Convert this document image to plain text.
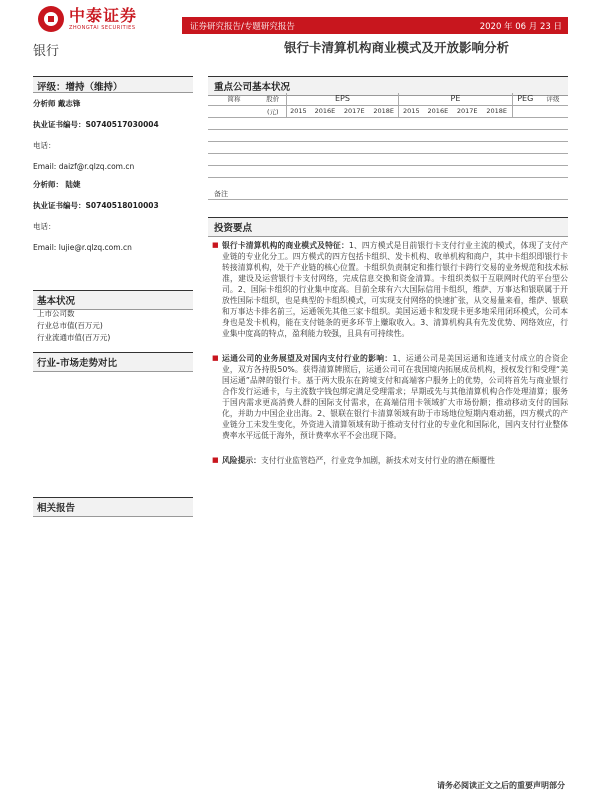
中泰证券
ZHONGTAI SECURITIES	证券研究报告/专题研究报告	2020 年 06 月 23 日
银行	银行卡清算机构商业模式及开放影响分析
评级：增持（维持）
分析师 戴志锋
执业证书编号：S0740517030004
电话：
Email: daizf@r.qlzq.com.cn
分析师： 陆婕
执业证书编号：S0740518010003
电话：
Email: lujie@r.qlzq.com.cn
基本状况
上市公司数
行业总市值(百万元)
行业流通市值(百万元)
行业-市场走势对比
相关报告
重点公司基本状况
简称	股价	EPS				PE				PEG	评级
	(元)	2015	2016E	2017E	2018E	2015	2016E	2017E	2018E		

备注
投资要点
■ 银行卡清算机构的商业模式及特征：1、四方模式是目前银行卡支付行业主流的模式，体现了支付产业链的专业化分工。四方模式的四方包括卡组织、发卡机构、收单机构和商户，其中卡组织即银行卡转接清算机构，处于产业链的核心位置。卡组织负责制定和推行银行卡跨行交易的业务规范和技术标准，建设及运营银行卡支付网络，完成信息交换和资金清算。卡组织类似于互联网时代的平台型公司。2、国际卡组织的行业集中度高。目前全球有六大国际信用卡组织，维萨、万事达和银联属于开放性国际卡组织，也是典型的卡组织模式，可实现支付网络的快速扩张，从交易量来看，维萨、银联和万事达卡排名前三，运通领先其他三家卡组织。美国运通卡和发现卡更多地采用闭环模式，公司本身也是发卡机构，能在支付链条的更多环节上赚取收入。3、清算机构具有先发优势、网络效应，行业集中度高的特点，盈利能力较强，且具有可持续性。
■ 运通公司的业务展望及对国内支付行业的影响：1、运通公司是美国运通和连通支付成立的合资企业，双方各持股50%。获得清算牌照后，运通公司可在我国境内拓展成员机构，授权发行和受理“美国运通”品牌的银行卡。基于两大股东在跨境支付和高端客户服务上的优势，公司将首先与商业银行合作发行运通卡，与主流数字钱包绑定满足受理需求；早期或先与其他清算机构合作处理清算；服务于国内需求更高消费人群的国际支付需求，在高端信用卡领域扩大市场份额；推动移动支付的国际化，并助力中国企业出海。2、银联在银行卡清算领域有助于市场地位短期内难动摇，四方模式的产业链分工未发生变化，外资进入清算领域有助于推动支付行业的专业化和国际化，国内支付行业整体费率水平远低于海外，预计费率水平不会出现下降。
■ 风险提示：支付行业监管趋严，行业竞争加剧，新技术对支付行业的潜在颠覆性
请务必阅读正文之后的重要声明部分
